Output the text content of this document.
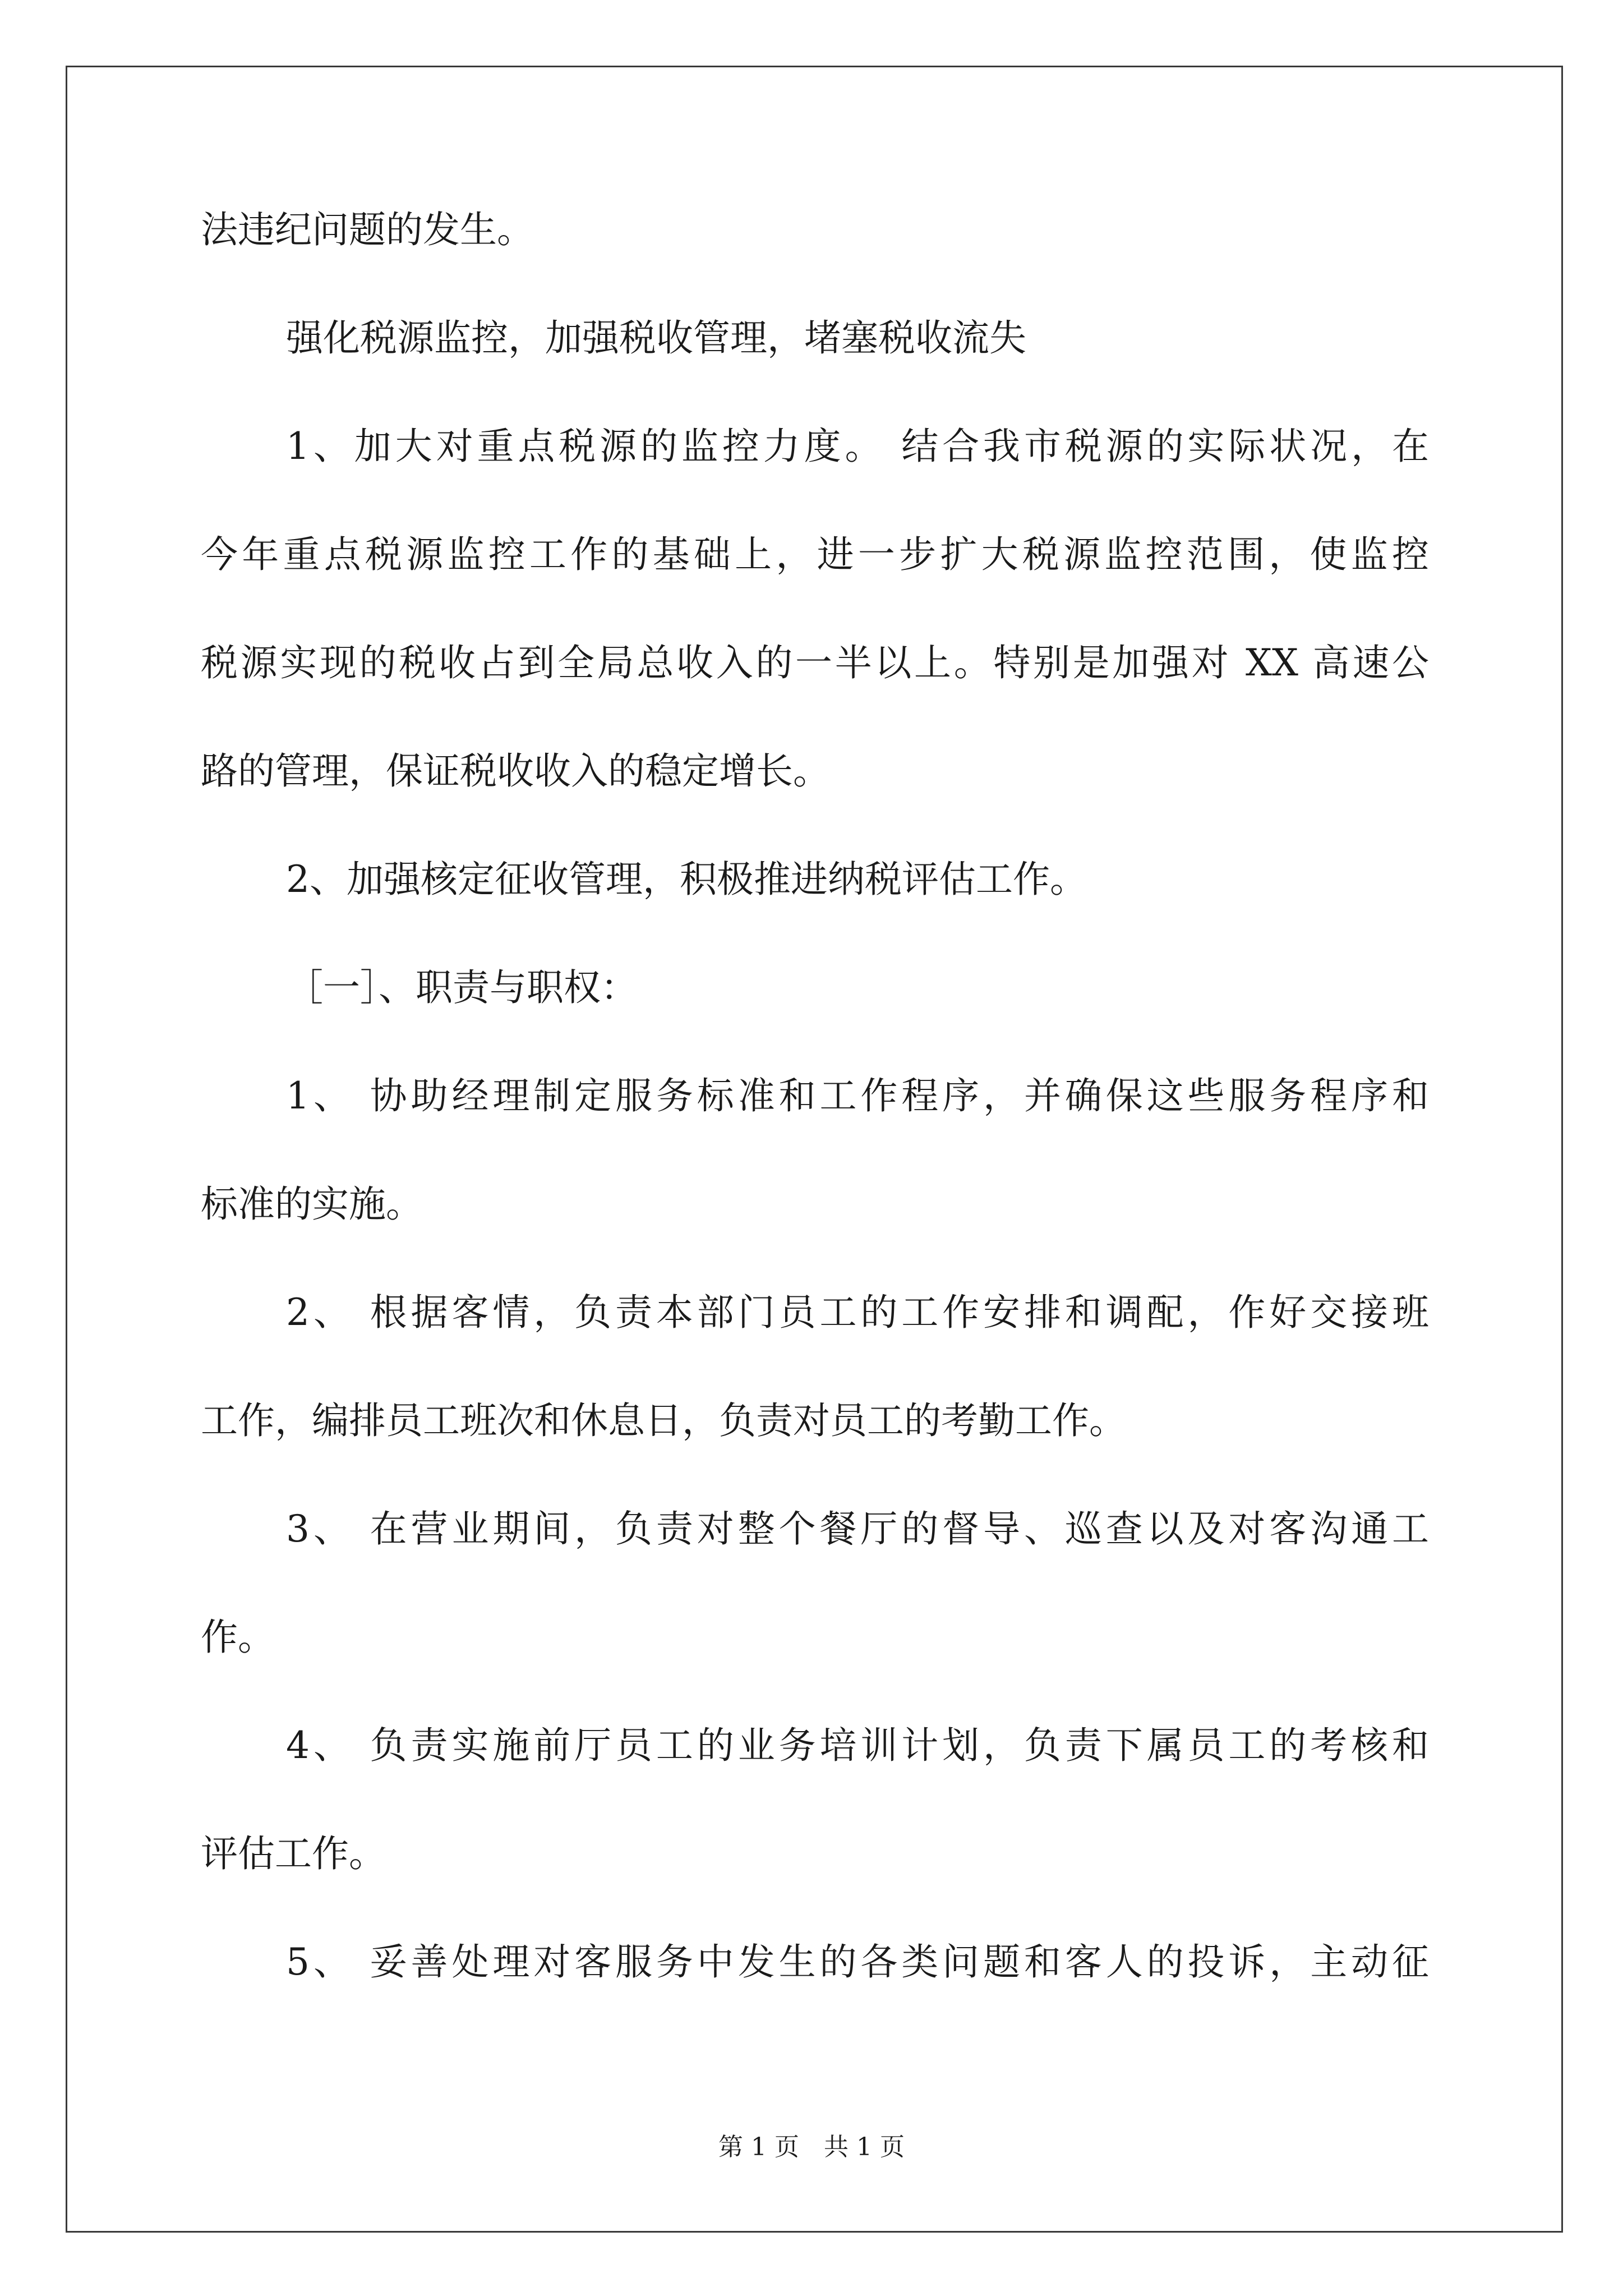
法违纪问题的发生。
强化税源监控，加强税收管理，堵塞税收流失
1、加大对重点税源的监控力度。 结合我市税源的实际状况，在
今年重点税源监控工作的基础上，进一步扩大税源监控范围，使监控
税源实现的税收占到全局总收入的一半以上。特别是加强对 XX 高速公
路的管理，保证税收收入的稳定增长。
2、加强核定征收管理，积极推进纳税评估工作。
［一］、职责与职权：
1、 协助经理制定服务标准和工作程序，并确保这些服务程序和
标准的实施。
2、 根据客情，负责本部门员工的工作安排和调配，作好交接班
工作，编排员工班次和休息日，负责对员工的考勤工作。
3、 在营业期间，负责对整个餐厅的督导、巡查以及对客沟通工
作。
4、 负责实施前厅员工的业务培训计划，负责下属员工的考核和
评估工作。
5、 妥善处理对客服务中发生的各类问题和客人的投诉，主动征
第 1 页　共 1 页
